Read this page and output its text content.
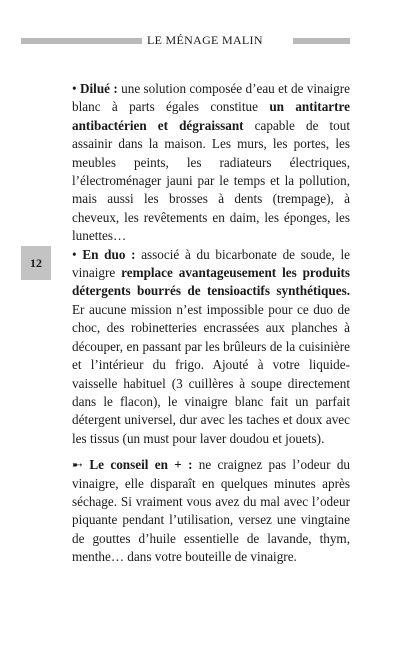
LE MÉNAGE MALIN
12

• Dilué : une solution composée d’eau et de vinaigre blanc à parts égales constitue un antitartre antibactérien et dégraissant capable de tout assainir dans la maison. Les murs, les portes, les meubles peints, les radiateurs électriques, l’électroménager jauni par le temps et la pollution, mais aussi les brosses à dents (trempage), à cheveux, les revêtements en daim, les éponges, les lunettes…

• En duo : associé à du bicarbonate de soude, le vinaigre remplace avantageusement les produits détergents bourrés de tensioactifs synthétiques. Er aucune mission n’est impossible pour ce duo de choc, des robinetteries encrassées aux planches à découper, en passant par les brûleurs de la cuisinière et l’intérieur du frigo. Ajouté à votre liquide-vaisselle habituel (3 cuillères à soupe directement dans le flacon), le vinaigre blanc fait un parfait détergent universel, dur avec les taches et doux avec les tissus (un must pour laver doudou et jouets).

➸ Le conseil en + : ne craignez pas l’odeur du vinaigre, elle disparaît en quelques minutes après séchage. Si vraiment vous avez du mal avec l’odeur piquante pendant l’utilisation, versez une vingtaine de gouttes d’huile essentielle de lavande, thym, menthe… dans votre bouteille de vinaigre.
